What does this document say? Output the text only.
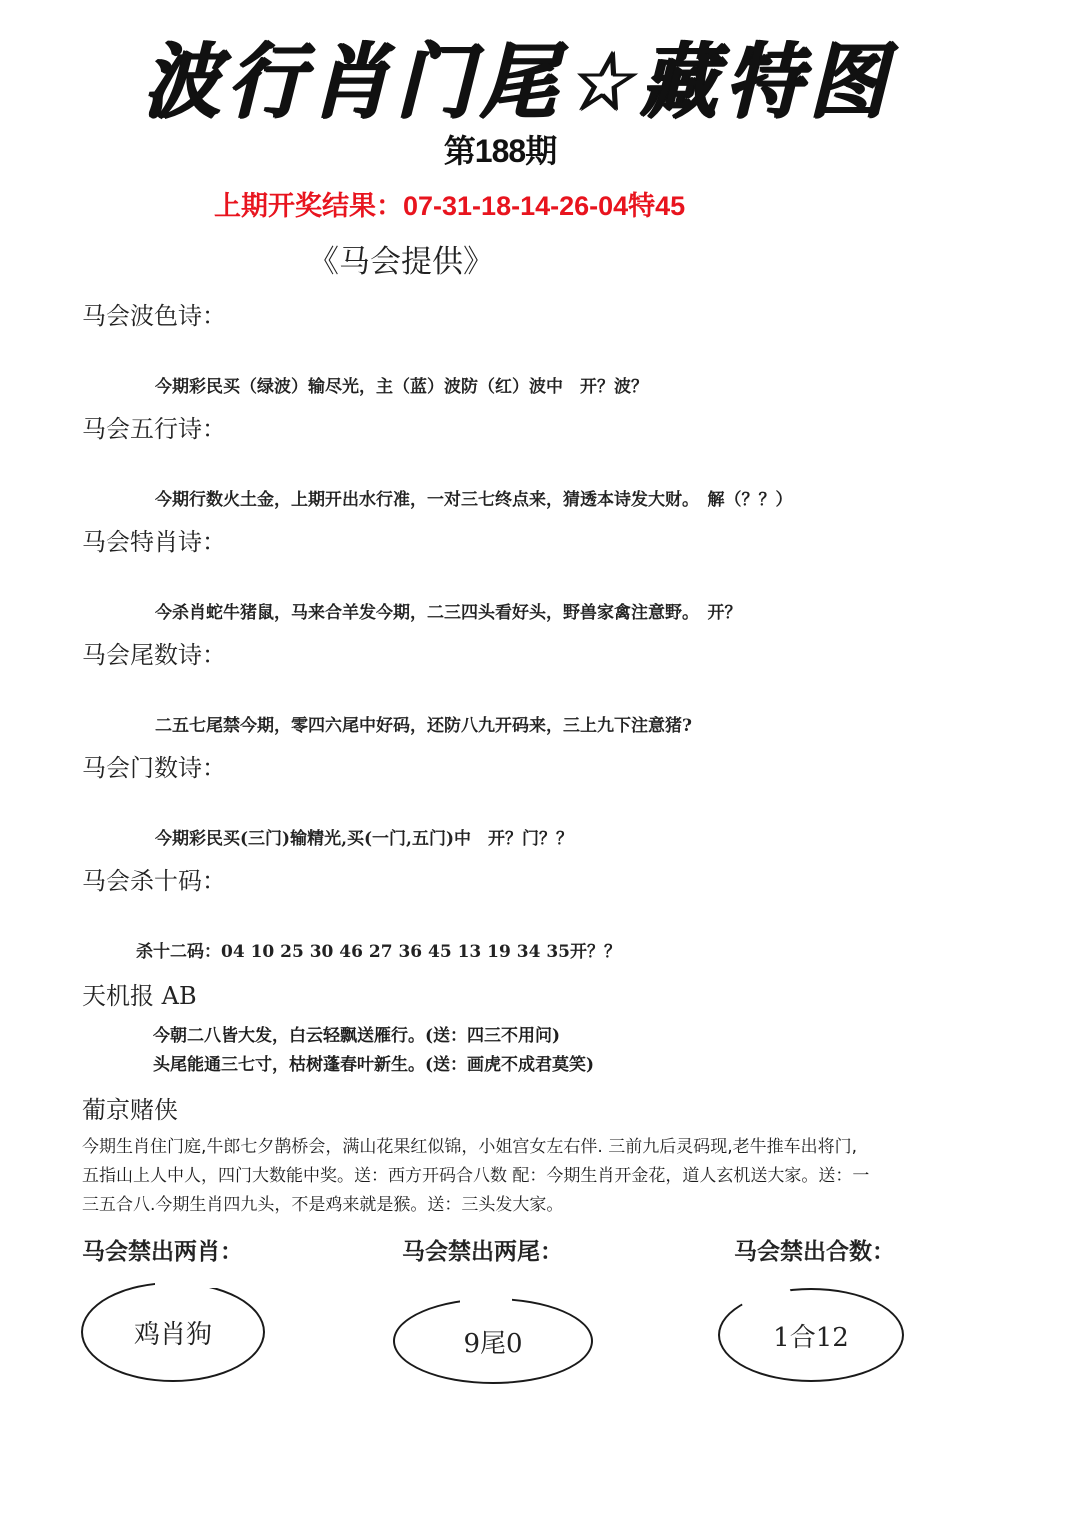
波
行
肖
门
尾
☆
藏
特
图
第188期
上期开奖结果：07-31-18-14-26-04特45
《马会提供》
马会波色诗：
今期彩民买（绿波）输尽光，主（蓝）波防（红）波中　开？波？
马会五行诗：
今期行数火土金，上期开出水行准，一对三七终点来，猜透本诗发大财。　解（？？）
马会特肖诗：
今杀肖蛇牛猪鼠，马来合羊发今期，二三四头看好头，野兽家禽注意野。　开？
马会尾数诗：
二五七尾禁今期，零四六尾中好码，还防八九开码来，三上九下注意猪?
马会门数诗：
今期彩民买(三门)输精光,买(一门,五门)中　开？门？？
马会杀十码：
杀十二码：04 10 25 30 46 27 36 45 13 19 34 35开？？
天机报 AB
今朝二八皆大发，白云轻飘送雁行。(送：四三不用问)
头尾能通三七寸，枯树蓬春叶新生。(送：画虎不成君莫笑)
葡京赌侠
今期生肖住门庭,牛郎七夕鹊桥会，满山花果红似锦，小姐宫女左右伴. 三前九后灵码现,老牛推车出将门,
五指山上人中人，四门大数能中奖。送：西方开码合八数 配：今期生肖开金花，道人玄机送大家。送：一
三五合八.今期生肖四九头，不是鸡来就是猴。送：三头发大家。
马会禁出两肖：	马会禁出两尾：	马会禁出合数：
鸡肖狗	9尾0	1合12
